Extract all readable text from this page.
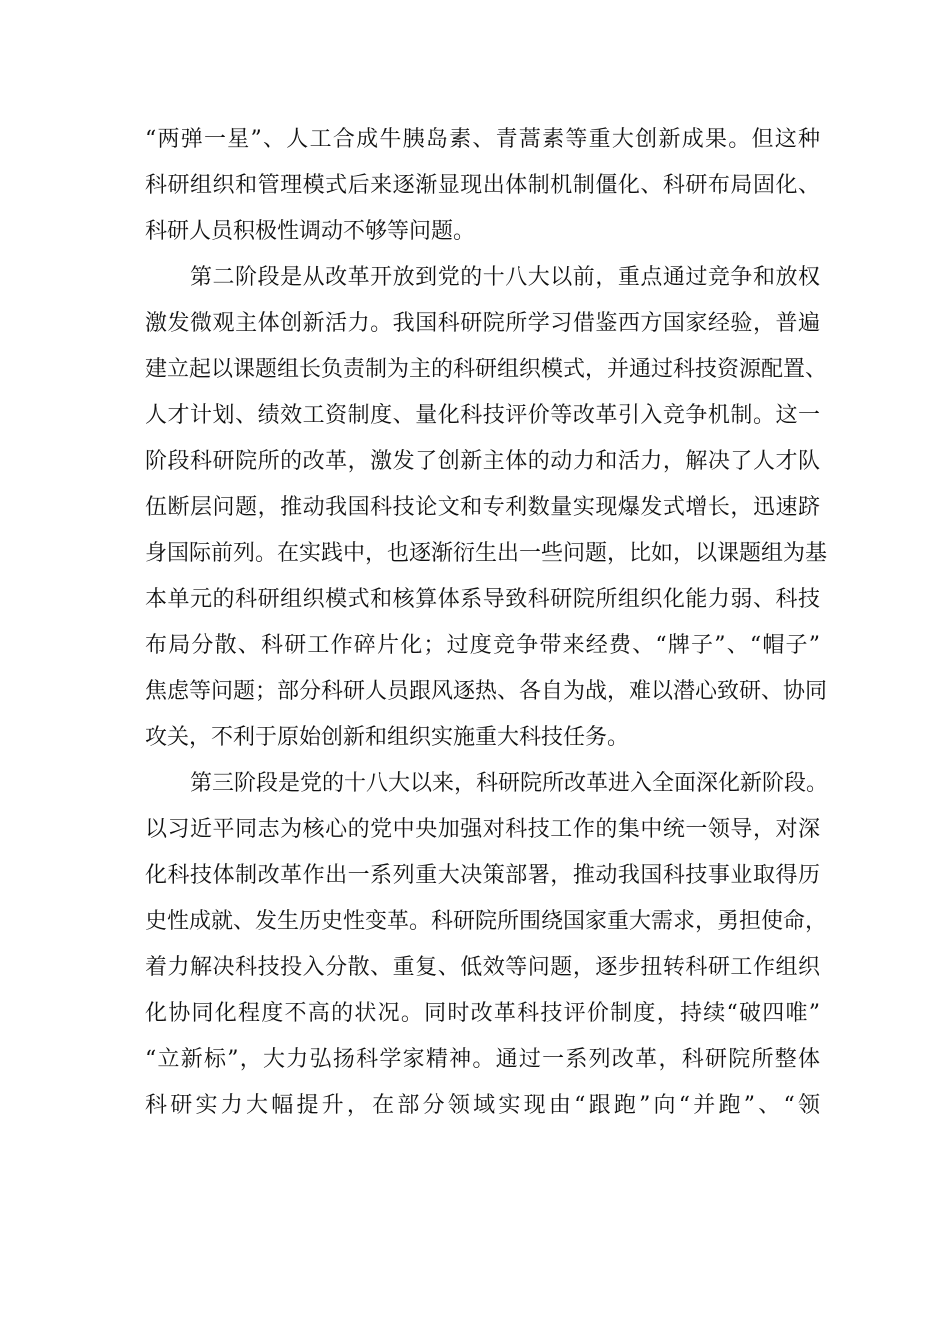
“两弹一星”、人工合成牛胰岛素、青蒿素等重大创新成果。但这种
科研组织和管理模式后来逐渐显现出体制机制僵化、科研布局固化、
科研人员积极性调动不够等问题。
第二阶段是从改革开放到党的十八大以前，重点通过竞争和放权
激发微观主体创新活力。我国科研院所学习借鉴西方国家经验，普遍
建立起以课题组长负责制为主的科研组织模式，并通过科技资源配置、
人才计划、绩效工资制度、量化科技评价等改革引入竞争机制。这一
阶段科研院所的改革，激发了创新主体的动力和活力，解决了人才队
伍断层问题，推动我国科技论文和专利数量实现爆发式增长，迅速跻
身国际前列。在实践中，也逐渐衍生出一些问题，比如，以课题组为基
本单元的科研组织模式和核算体系导致科研院所组织化能力弱、科技
布局分散、科研工作碎片化；过度竞争带来经费、“牌子”、“帽子”
焦虑等问题；部分科研人员跟风逐热、各自为战，难以潜心致研、协同
攻关，不利于原始创新和组织实施重大科技任务。
第三阶段是党的十八大以来，科研院所改革进入全面深化新阶段。
以习近平同志为核心的党中央加强对科技工作的集中统一领导，对深
化科技体制改革作出一系列重大决策部署，推动我国科技事业取得历
史性成就、发生历史性变革。科研院所围绕国家重大需求，勇担使命，
着力解决科技投入分散、重复、低效等问题，逐步扭转科研工作组织
化协同化程度不高的状况。同时改革科技评价制度，持续“破四唯”
“立新标”，大力弘扬科学家精神。通过一系列改革，科研院所整体
科研实力大幅提升，在部分领域实现由“跟跑”向“并跑”、“领
